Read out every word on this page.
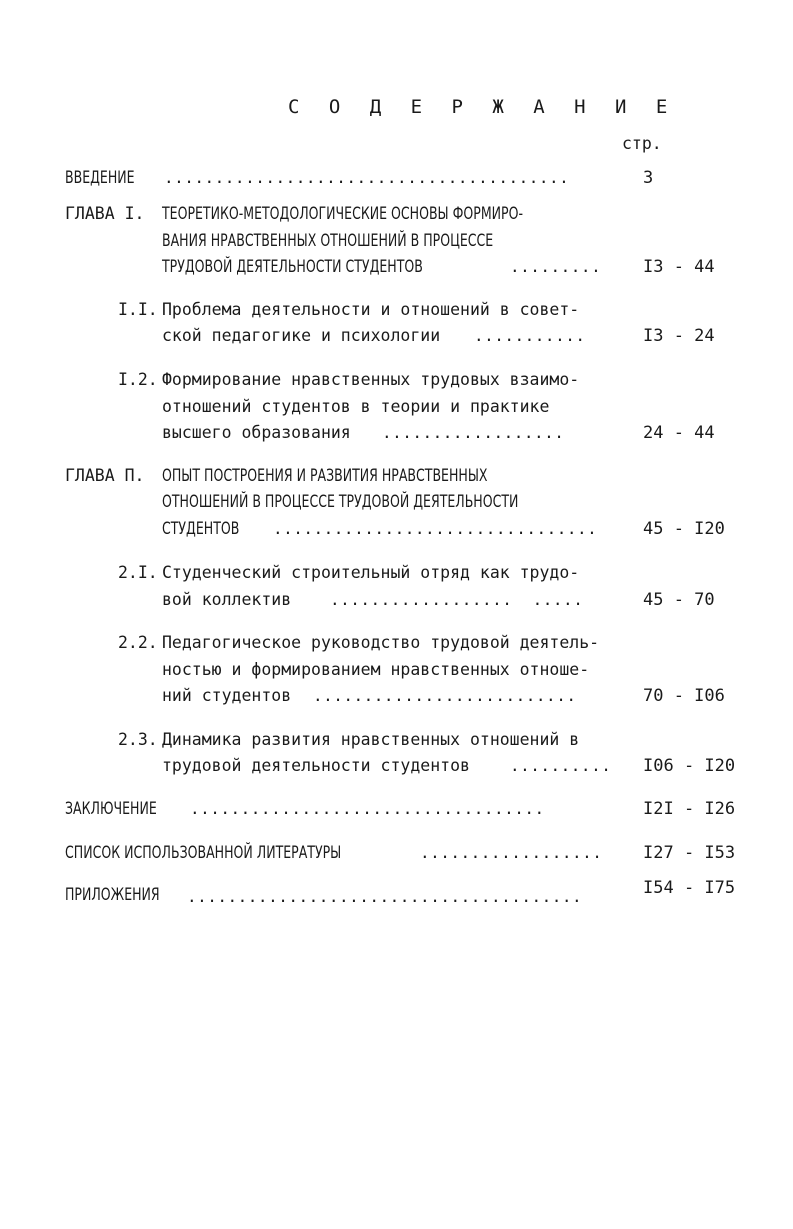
С О Д Е Р Ж А Н И Е
стр.
ВВЕДЕНИЕ ........................................	3
ГЛАВА I. ТЕОРЕТИКО-МЕТОДОЛОГИЧЕСКИЕ ОСНОВЫ ФОРМИРО-
ВАНИЯ НРАВСТВЕННЫХ ОТНОШЕНИЙ В ПРОЦЕССЕ
ТРУДОВОЙ ДЕЯТЕЛЬНОСТИ СТУДЕНТОВ	......... I3 - 44
I.I. Проблема деятельности и отношений в совет-
ской педагогике и психологии ...........	I3 - 24
I.2. Формирование нравственных трудовых взаимо-
отношений студентов в теории и практике
высшего образования ..................	24 - 44
ГЛАВА П. ОПЫТ ПОСТРОЕНИЯ И РАЗВИТИЯ НРАВСТВЕННЫХ
ОТНОШЕНИЙ В ПРОЦЕССЕ ТРУДОВОЙ ДЕЯТЕЛЬНОСТИ
СТУДЕНТОВ ................................	45 - I20
2.I. Студенческий строительный отряд как трудо-
вой коллектив ..................  .....	45 - 70
2.2. Педагогическое руководство трудовой деятель-
ностью и формированием нравственных отноше-
ний студентов ..........................	70 - I06
2.3. Динамика развития нравственных отношений в
трудовой деятельности студентов	.......... I06 - I20
ЗАКЛЮЧЕНИЕ ...................................	I2I - I26
СПИСОК ИСПОЛЬЗОВАННОЙ ЛИТЕРАТУРЫ	.................. I27 - I53
ПРИЛОЖЕНИЯ .......................................	I54 - I75
